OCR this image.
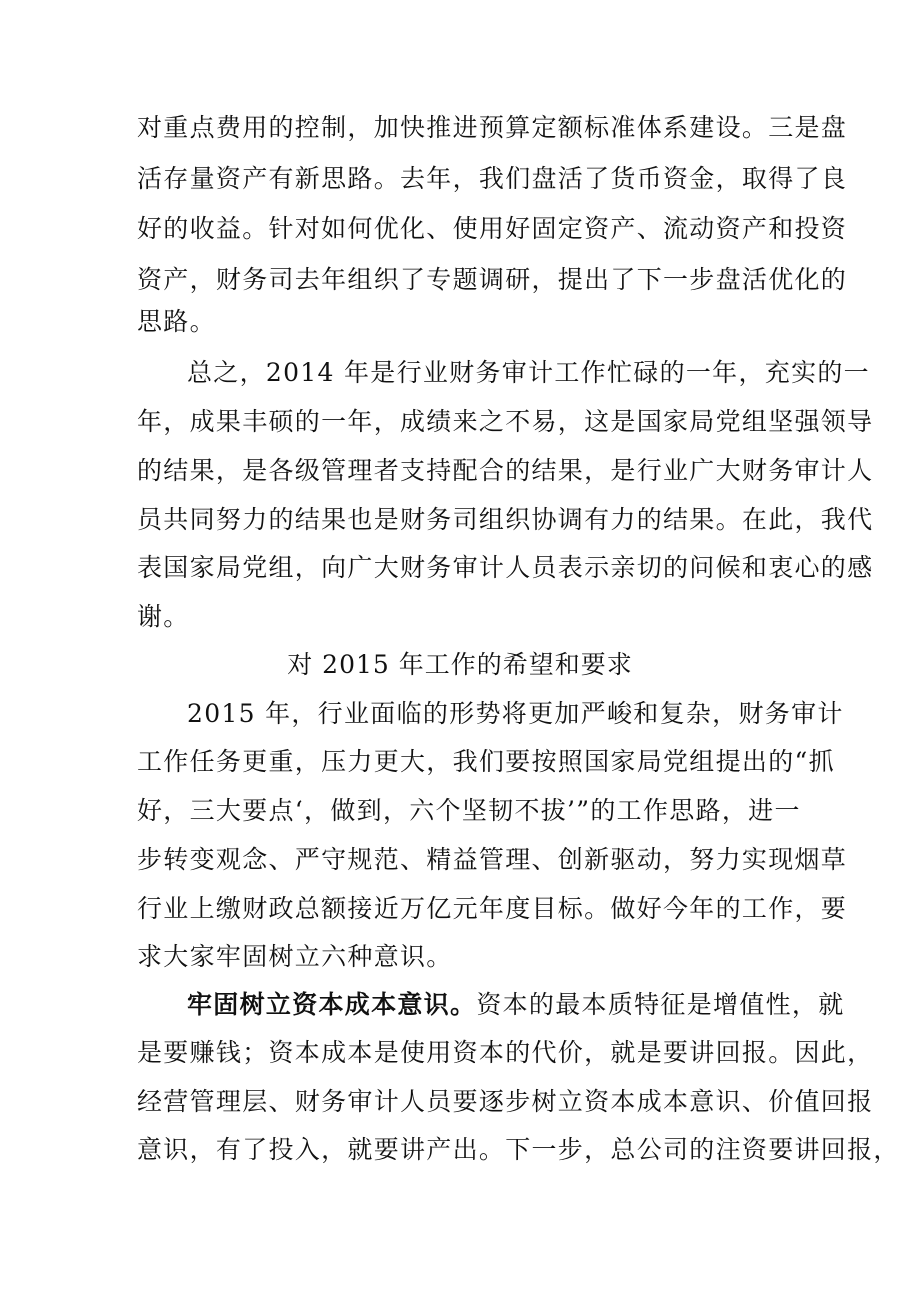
对重点费用的控制，加快推进预算定额标准体系建设。三是盘
活存量资产有新思路。去年，我们盘活了货币资金，取得了良
好的收益。针对如何优化、使用好固定资产、流动资产和投资
资产，财务司去年组织了专题调研，提出了下一步盘活优化的
思路。
总之，2014 年是行业财务审计工作忙碌的一年，充实的一
年，成果丰硕的一年，成绩来之不易，这是国家局党组坚强领导
的结果，是各级管理者支持配合的结果，是行业广大财务审计人
员共同努力的结果也是财务司组织协调有力的结果。在此，我代
表国家局党组，向广大财务审计人员表示亲切的问候和衷心的感
谢。
对 2015 年工作的希望和要求
2015 年，行业面临的形势将更加严峻和复杂，财务审计
工作任务更重，压力更大，我们要按照国家局党组提出的“抓
好，三大要点‘，做到，六个坚韧不拔’”的工作思路，进一
步转变观念、严守规范、精益管理、创新驱动，努力实现烟草
行业上缴财政总额接近万亿元年度目标。做好今年的工作，要
求大家牢固树立六种意识。
牢固树立资本成本意识。资本的最本质特征是增值性，就
是要赚钱；资本成本是使用资本的代价，就是要讲回报。因此，
经营管理层、财务审计人员要逐步树立资本成本意识、价值回报
意识，有了投入，就要讲产出。下一步，总公司的注资要讲回报，
